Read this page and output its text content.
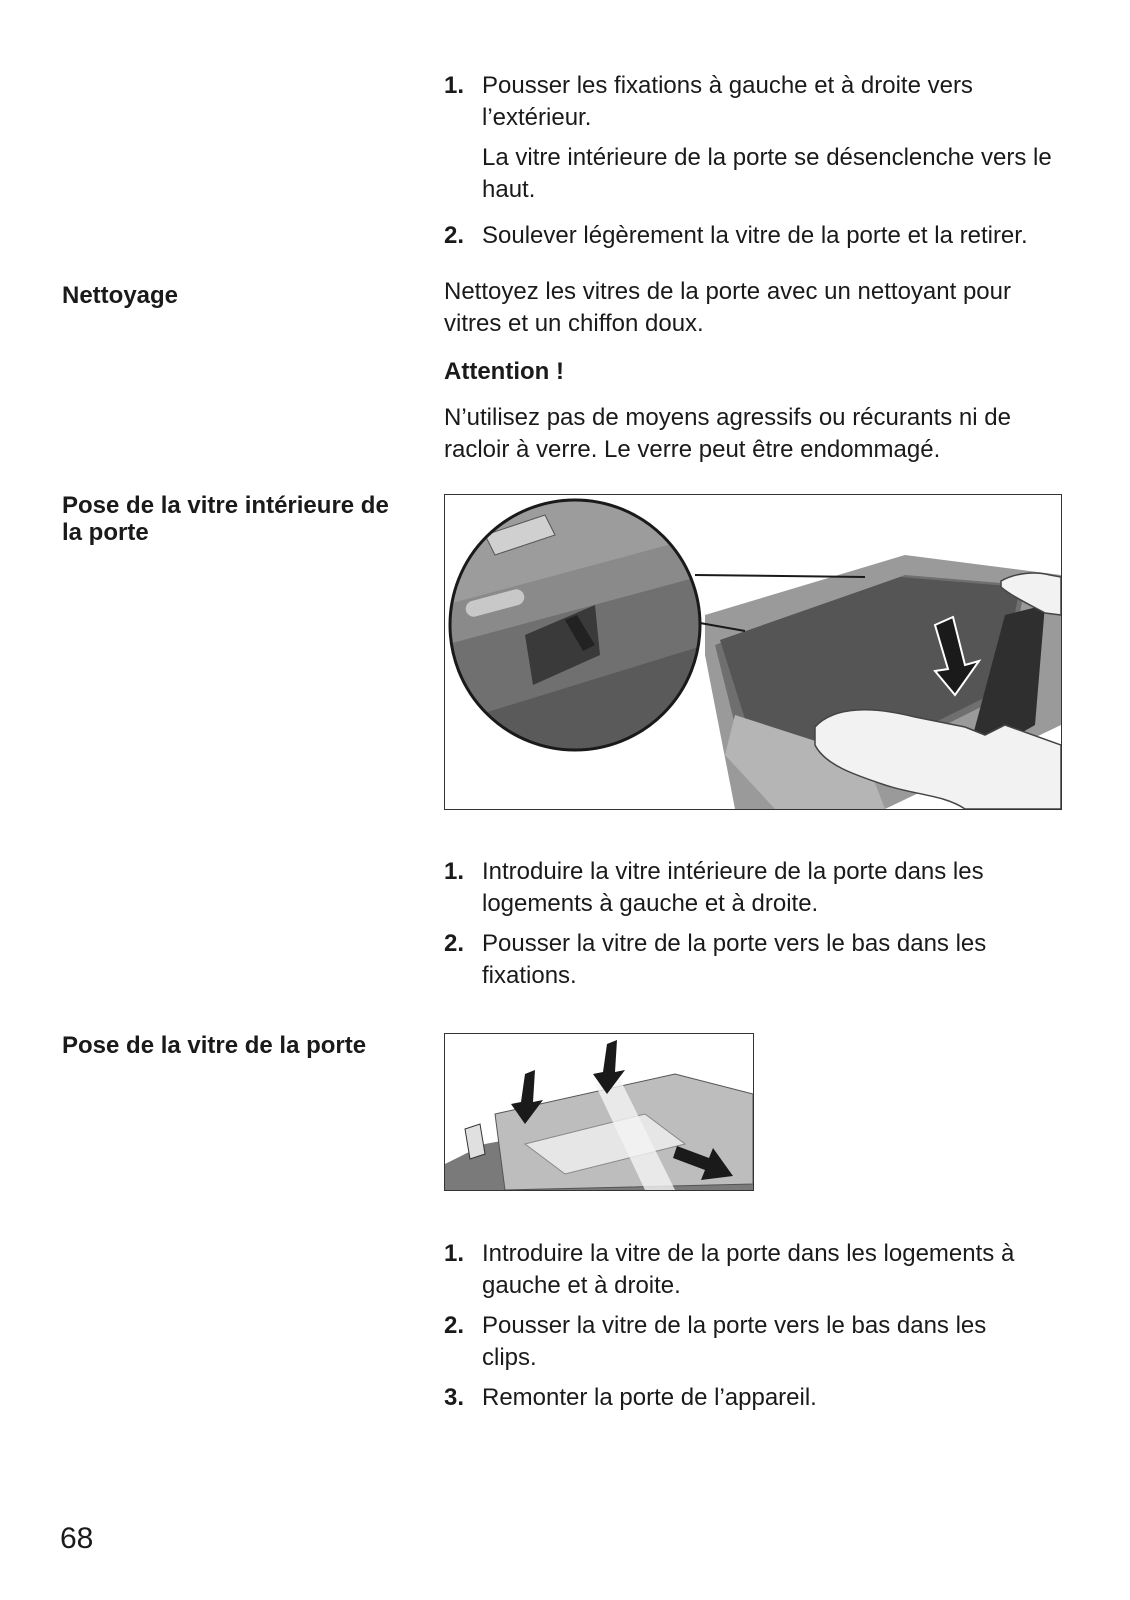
1. Pousser les fixations à gauche et à droite vers l’extérieur.
La vitre intérieure de la porte se désenclenche vers le haut.
2. Soulever légèrement la vitre de la porte et la retirer.
Nettoyage	Nettoyez les vitres de la porte avec un nettoyant pour vitres et un chiffon doux.
Attention !
N’utilisez pas de moyens agressifs ou récurants ni de racloir à verre. Le verre peut être endommagé.
Pose de la vitre intérieure de la porte
1. Introduire la vitre intérieure de la porte dans les logements à gauche et à droite.
2. Pousser la vitre de la porte vers le bas dans les fixations.
Pose de la vitre de la porte
1. Introduire la vitre de la porte dans les logements à gauche et à droite.
2. Pousser la vitre de la porte vers le bas dans les clips.
3. Remonter la porte de l’appareil.
68
